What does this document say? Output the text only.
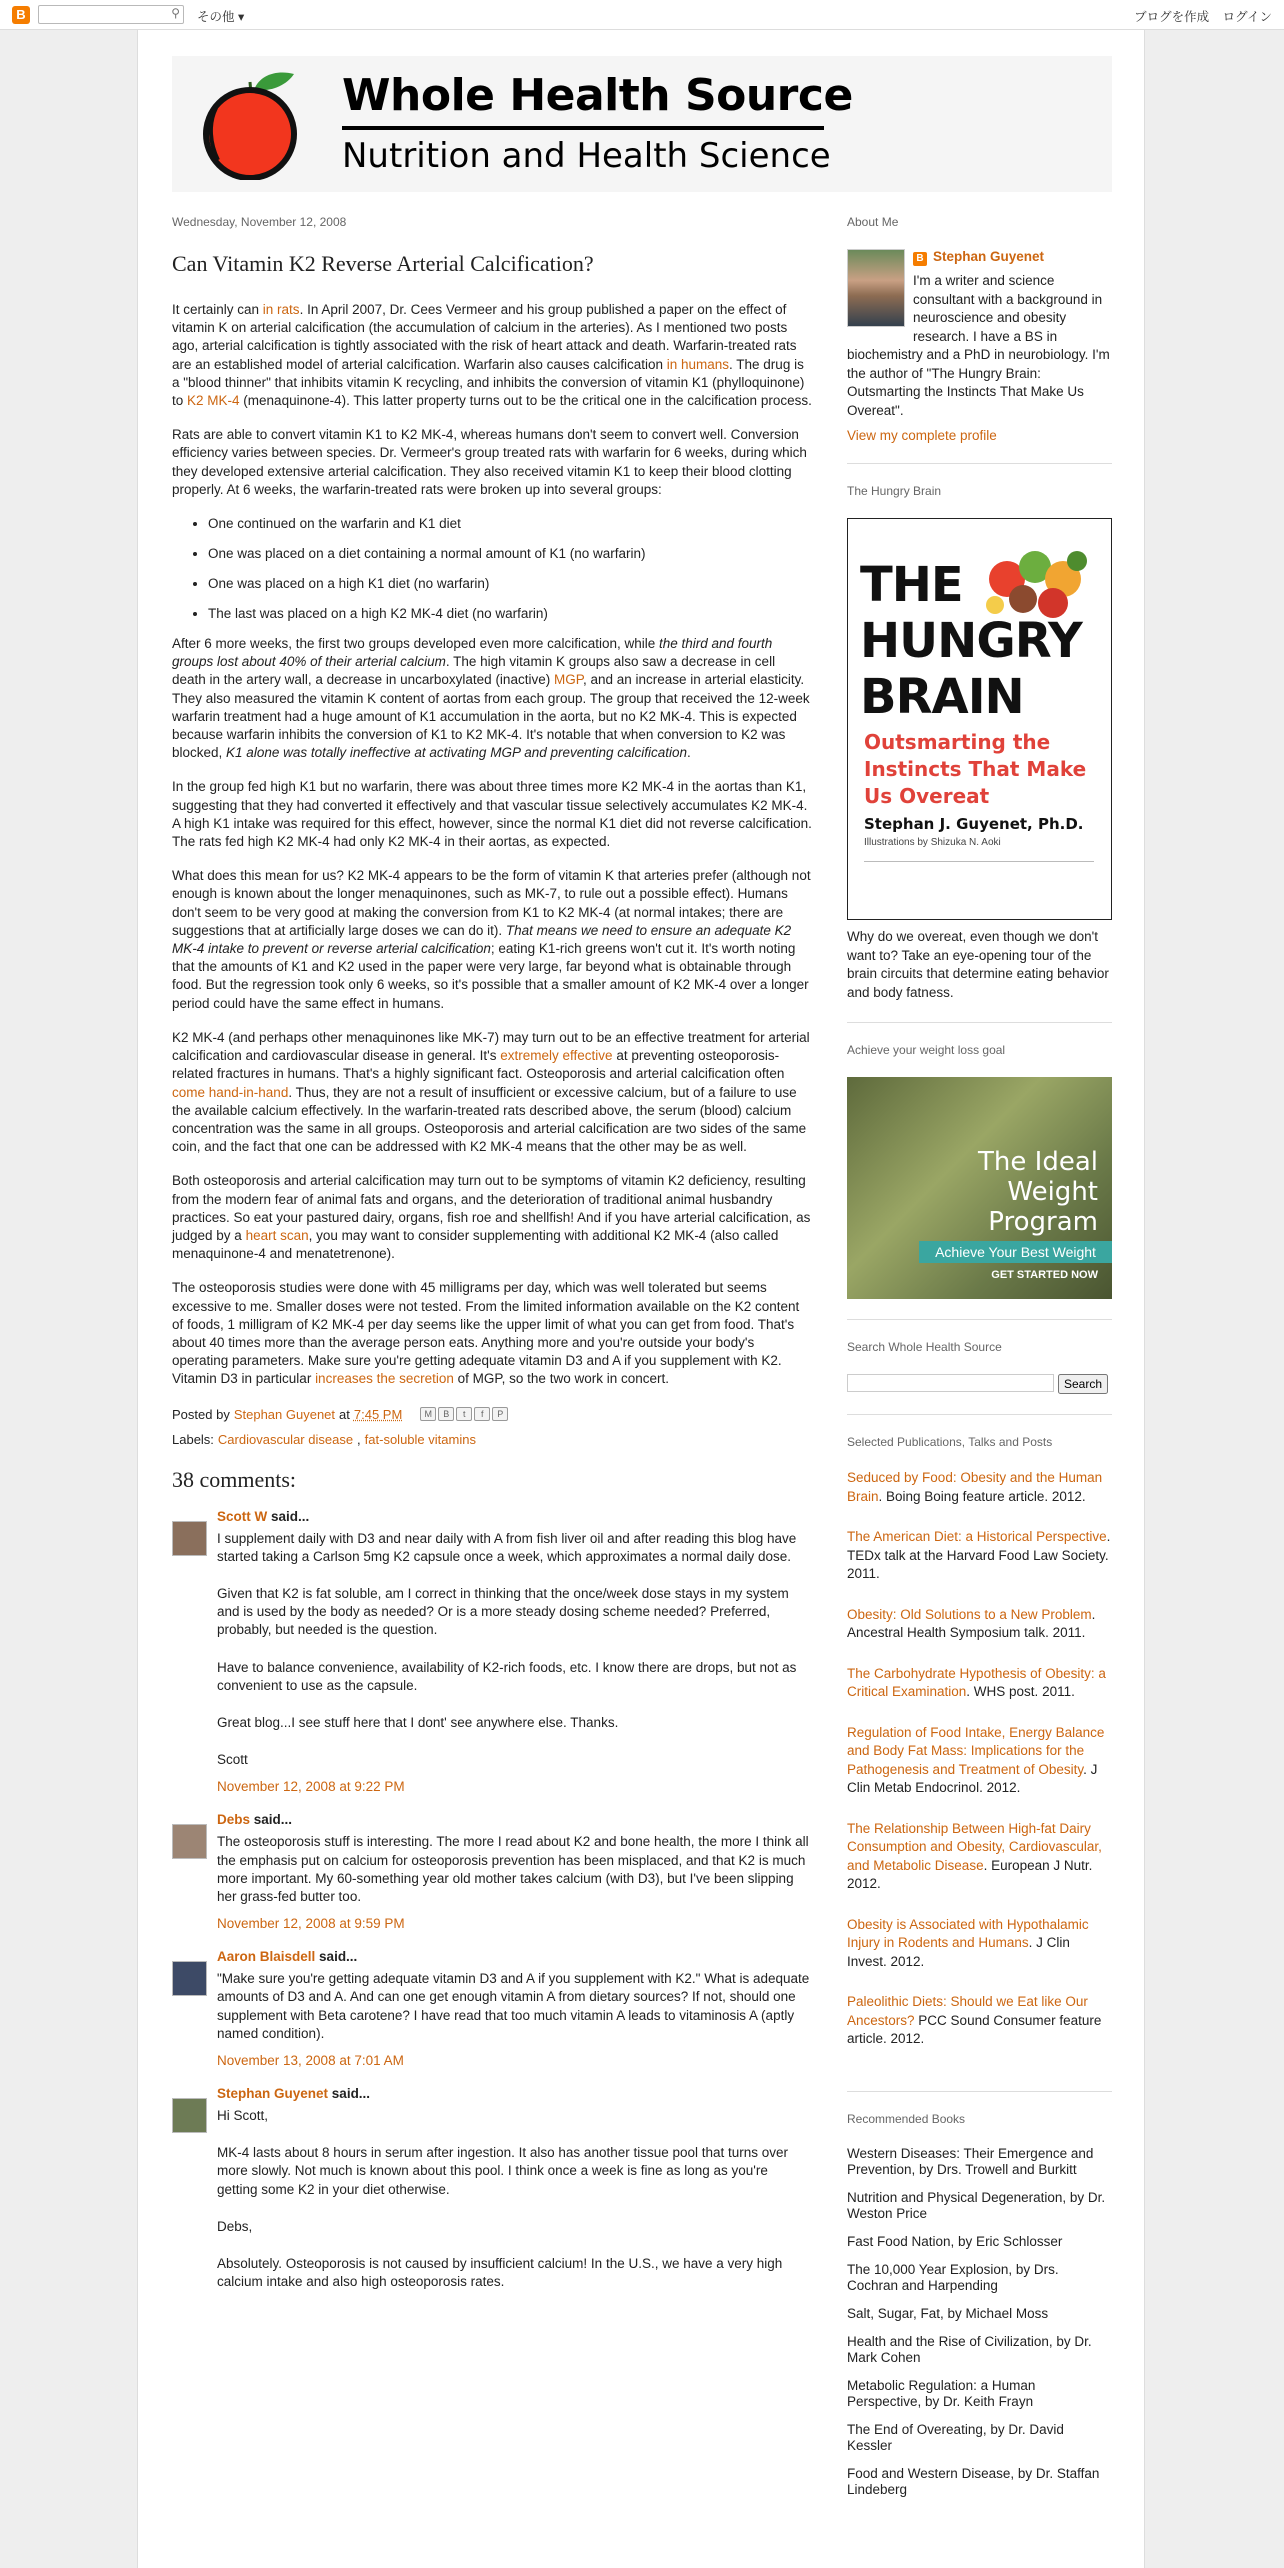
B	⚲ その他 ▾	ブログを作成 ログイン
Whole Health Source
Nutrition and Health Science
Wednesday, November 12, 2008
Can Vitamin K2 Reverse Arterial Calcification?

It certainly can in rats. In April 2007, Dr. Cees Vermeer and his group published a paper on the effect of vitamin K on arterial calcification (the accumulation of calcium in the arteries). As I mentioned two posts ago, arterial calcification is tightly associated with the risk of heart attack and death. Warfarin-treated rats are an established model of arterial calcification. Warfarin also causes calcification in humans. The drug is a "blood thinner" that inhibits vitamin K recycling, and inhibits the conversion of vitamin K1 (phylloquinone) to K2 MK-4 (menaquinone-4). This latter property turns out to be the critical one in the calcification process.

Rats are able to convert vitamin K1 to K2 MK-4, whereas humans don't seem to convert well. Conversion efficiency varies between species. Dr. Vermeer's group treated rats with warfarin for 6 weeks, during which they developed extensive arterial calcification. They also received vitamin K1 to keep their blood clotting properly. At 6 weeks, the warfarin-treated rats were broken up into several groups:

• One continued on the warfarin and K1 diet
• One was placed on a diet containing a normal amount of K1 (no warfarin)
• One was placed on a high K1 diet (no warfarin)
• The last was placed on a high K2 MK-4 diet (no warfarin)

After 6 more weeks, the first two groups developed even more calcification, while the third and fourth groups lost about 40% of their arterial calcium. The high vitamin K groups also saw a decrease in cell death in the artery wall, a decrease in uncarboxylated (inactive) MGP, and an increase in arterial elasticity. They also measured the vitamin K content of aortas from each group. The group that received the 12-week warfarin treatment had a huge amount of K1 accumulation in the aorta, but no K2 MK-4. This is expected because warfarin inhibits the conversion of K1 to K2 MK-4. It's notable that when conversion to K2 was blocked, K1 alone was totally ineffective at activating MGP and preventing calcification.

In the group fed high K1 but no warfarin, there was about three times more K2 MK-4 in the aortas than K1, suggesting that they had converted it effectively and that vascular tissue selectively accumulates K2 MK-4. A high K1 intake was required for this effect, however, since the normal K1 diet did not reverse calcification. The rats fed high K2 MK-4 had only K2 MK-4 in their aortas, as expected.

What does this mean for us? K2 MK-4 appears to be the form of vitamin K that arteries prefer (although not enough is known about the longer menaquinones, such as MK-7, to rule out a possible effect). Humans don't seem to be very good at making the conversion from K1 to K2 MK-4 (at normal intakes; there are suggestions that at artificially large doses we can do it). That means we need to ensure an adequate K2 MK-4 intake to prevent or reverse arterial calcification; eating K1-rich greens won't cut it. It's worth noting that the amounts of K1 and K2 used in the paper were very large, far beyond what is obtainable through food. But the regression took only 6 weeks, so it's possible that a smaller amount of K2 MK-4 over a longer period could have the same effect in humans.

K2 MK-4 (and perhaps other menaquinones like MK-7) may turn out to be an effective treatment for arterial calcification and cardiovascular disease in general. It's extremely effective at preventing osteoporosis-related fractures in humans. That's a highly significant fact. Osteoporosis and arterial calcification often come hand-in-hand. Thus, they are not a result of insufficient or excessive calcium, but of a failure to use the available calcium effectively. In the warfarin-treated rats described above, the serum (blood) calcium concentration was the same in all groups. Osteoporosis and arterial calcification are two sides of the same coin, and the fact that one can be addressed with K2 MK-4 means that the other may be as well.

Both osteoporosis and arterial calcification may turn out to be symptoms of vitamin K2 deficiency, resulting from the modern fear of animal fats and organs, and the deterioration of traditional animal husbandry practices. So eat your pastured dairy, organs, fish roe and shellfish! And if you have arterial calcification, as judged by a heart scan, you may want to consider supplementing with additional K2 MK-4 (also called menaquinone-4 and menatetrenone).

The osteoporosis studies were done with 45 milligrams per day, which was well tolerated but seems excessive to me. Smaller doses were not tested. From the limited information available on the K2 content of foods, 1 milligram of K2 MK-4 per day seems like the upper limit of what you can get from food. That's about 40 times more than the average person eats. Anything more and you're outside your body's operating parameters. Make sure you're getting adequate vitamin D3 and A if you supplement with K2. Vitamin D3 in particular increases the secretion of MGP, so the two work in concert.

Posted by Stephan Guyenet at 7:45 PM	M	B	t	f	P
Labels: Cardiovascular disease , fat-soluble vitamins
38 comments:
Scott W said...

I supplement daily with D3 and near daily with A from fish liver oil and after reading this blog have started taking a Carlson 5mg K2 capsule once a week, which approximates a normal daily dose.

Given that K2 is fat soluble, am I correct in thinking that the once/week dose stays in my system and is used by the body as needed? Or is a more steady dosing scheme needed? Preferred, probably, but needed is the question.

Have to balance convenience, availability of K2-rich foods, etc. I know there are drops, but not as convenient to use as the capsule.

Great blog...I see stuff here that I dont' see anywhere else. Thanks.

Scott

November 12, 2008 at 9:22 PM
Debs said...

The osteoporosis stuff is interesting. The more I read about K2 and bone health, the more I think all the emphasis put on calcium for osteoporosis prevention has been misplaced, and that K2 is much more important. My 60-something year old mother takes calcium (with D3), but I've been slipping her grass-fed butter too.

November 12, 2008 at 9:59 PM
Aaron Blaisdell said...

"Make sure you're getting adequate vitamin D3 and A if you supplement with K2." What is adequate amounts of D3 and A. And can one get enough vitamin A from dietary sources? If not, should one supplement with Beta carotene? I have read that too much vitamin A leads to vitaminosis A (aptly named condition).

November 13, 2008 at 7:01 AM
Stephan Guyenet said...

Hi Scott,

MK-4 lasts about 8 hours in serum after ingestion. It also has another tissue pool that turns over more slowly. Not much is known about this pool. I think once a week is fine as long as you're getting some K2 in your diet otherwise.

Debs,

Absolutely. Osteoporosis is not caused by insufficient calcium! In the U.S., we have a very high calcium intake and also high osteoporosis rates.

About Me
B Stephan Guyenet
I'm a writer and science consultant with a background in neuroscience and obesity research. I have a BS in biochemistry and a PhD in neurobiology. I'm the author of "The Hungry Brain: Outsmarting the Instincts That Make Us Overeat".
View my complete profile
The Hungry Brain
THE HUNGRY BRAIN
Outsmarting the Instincts That Make Us Overeat
Stephan J. Guyenet, Ph.D.
Illustrations by Shizuka N. Aoki
Why do we overeat, even though we don't want to? Take an eye-opening tour of the brain circuits that determine eating behavior and body fatness.
Achieve your weight loss goal
The Ideal Weight Program
Achieve Your Best Weight
GET STARTED NOW
Search Whole Health Source
Search
Selected Publications, Talks and Posts
Seduced by Food: Obesity and the Human Brain. Boing Boing feature article. 2012.
The American Diet: a Historical Perspective. TEDx talk at the Harvard Food Law Society. 2011.
Obesity: Old Solutions to a New Problem. Ancestral Health Symposium talk. 2011.
The Carbohydrate Hypothesis of Obesity: a Critical Examination. WHS post. 2011.
Regulation of Food Intake, Energy Balance and Body Fat Mass: Implications for the Pathogenesis and Treatment of Obesity. J Clin Metab Endocrinol. 2012.
The Relationship Between High-fat Dairy Consumption and Obesity, Cardiovascular, and Metabolic Disease. European J Nutr. 2012.
Obesity is Associated with Hypothalamic Injury in Rodents and Humans. J Clin Invest. 2012.
Paleolithic Diets: Should we Eat like Our Ancestors? PCC Sound Consumer feature article. 2012.
Recommended Books
Western Diseases: Their Emergence and Prevention, by Drs. Trowell and Burkitt
Nutrition and Physical Degeneration, by Dr. Weston Price
Fast Food Nation, by Eric Schlosser
The 10,000 Year Explosion, by Drs. Cochran and Harpending
Salt, Sugar, Fat, by Michael Moss
Health and the Rise of Civilization, by Dr. Mark Cohen
Metabolic Regulation: a Human Perspective, by Dr. Keith Frayn
The End of Overeating, by Dr. David Kessler
Food and Western Disease, by Dr. Staffan Lindeberg
